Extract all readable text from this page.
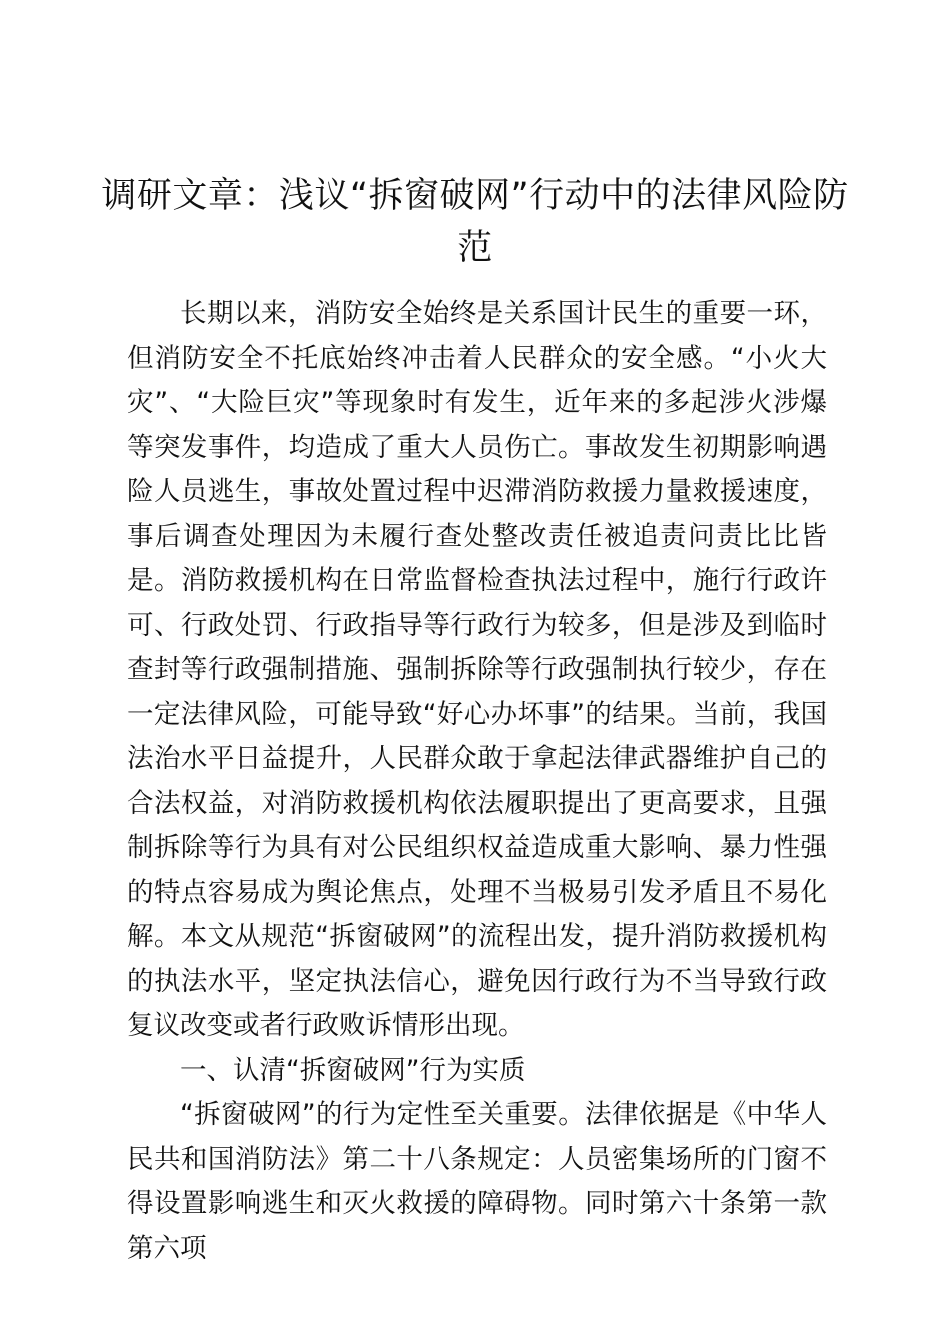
调研文章：浅议“拆窗破网”行动中的法律风险防范

长期以来，消防安全始终是关系国计民生的重要一环，但消防安全不托底始终冲击着人民群众的安全感。“小火大灾”、“大险巨灾”等现象时有发生，近年来的多起涉火涉爆等突发事件，均造成了重大人员伤亡。事故发生初期影响遇险人员逃生，事故处置过程中迟滞消防救援力量救援速度，事后调查处理因为未履行查处整改责任被追责问责比比皆是。消防救援机构在日常监督检查执法过程中，施行行政许可、行政处罚、行政指导等行政行为较多，但是涉及到临时查封等行政强制措施、强制拆除等行政强制执行较少，存在一定法律风险，可能导致“好心办坏事”的结果。当前，我国法治水平日益提升，人民群众敢于拿起法律武器维护自己的合法权益，对消防救援机构依法履职提出了更高要求，且强制拆除等行为具有对公民组织权益造成重大影响、暴力性强的特点容易成为舆论焦点，处理不当极易引发矛盾且不易化解。本文从规范“拆窗破网”的流程出发，提升消防救援机构的执法水平，坚定执法信心，避免因行政行为不当导致行政复议改变或者行政败诉情形出现。

一、认清“拆窗破网”行为实质

“拆窗破网”的行为定性至关重要。法律依据是《中华人民共和国消防法》第二十八条规定：人员密集场所的门窗不得设置影响逃生和灭火救援的障碍物。同时第六十条第一款第六项
